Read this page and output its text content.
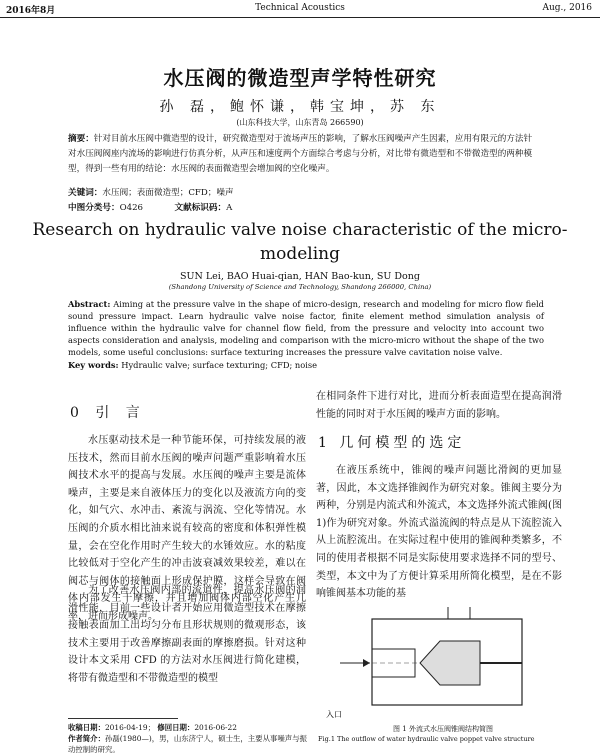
2016年8月	Technical Acoustics	Aug., 2016
水压阀的微造型声学特性研究
孙 磊，鲍怀谦，韩宝坤，苏 东
(山东科技大学，山东青岛 266590)
摘要：针对目前水压阀中微造型的设计，研究微造型对于流场声压的影响，了解水压阀噪声产生因素，应用有限元的方法针对水压阀阀座内流场的影响进行仿真分析，从声压和速度两个方面综合考虑与分析，对比带有微造型和不带微造型的两种模型，得到一些有用的结论：水压阀的表面微造型会增加阀的空化噪声。
关键词：水压阀；表面微造型；CFD；噪声
中图分类号：O426	文献标识码：A
Research on hydraulic valve noise characteristic of the micro-modeling
SUN Lei, BAO Huai-qian, HAN Bao-kun, SU Dong
(Shandong University of Science and Technology, Shandong 266000, China)
Abstract: Aiming at the pressure valve in the shape of micro-design, research and modeling for micro flow field sound pressure impact. Learn hydraulic valve noise factor, finite element method simulation analysis of influence within the hydraulic valve for channel flow field, from the pressure and velocity into account two aspects consideration and analysis, modeling and comparison with the micro-micro without the shape of the two models, some useful conclusions: surface texturing increases the pressure valve cavitation noise valve.
Key words: Hydraulic valve; surface texturing; CFD; noise
0 引 言
水压驱动技术是一种节能环保，可持续发展的液压技术，然而目前水压阀的噪声问题严重影响着水压阀技术水平的提高与发展。水压阀的噪声主要是流体噪声，主要是来自液体压力的变化以及液流方向的变化，如气穴、水冲击、紊流与涡流、空化等情况。水压阀的介质水相比油来说有较高的密度和体积弹性模量，会在空化作用时产生较大的水锤效应。水的粘度比较低对于空化产生的冲击波衰减效果较差，难以在阀芯与阀体的接触面上形成保护膜，这样会导致在阀体内部发生干摩擦，并且增加阀体内部空化产生几率，进而形成噪声。
为了改善水压阀内部的流道性，提高水压阀的润滑性能，目前一些设计者开始应用微造型技术在摩擦接触表面加工出均匀分布且形状规则的微观形态，该技术主要用于改善摩擦副表面的摩擦磨损。针对这种设计本文采用 CFD 的方法对水压阀进行简化建模，将带有微造型和不带微造型的模型
在相同条件下进行对比，进而分析表面造型在提高润滑性能的同时对于水压阀的噪声方面的影响。
1 几何模型的选定
在液压系统中，锥阀的噪声问题比滑阀的更加显著，因此，本文选择锥阀作为研究对象。锥阀主要分为两种，分别是内流式和外流式，本文选择外流式锥阀(图 1)作为研究对象。外流式溢流阀的特点是从下流腔流入从上流腔流出。在实际过程中使用的锥阀种类繁多，不同的使用者根据不同是实际使用要求选择不同的型号、类型，本文中为了方便计算采用所简化模型，是在不影响锥阀基本功能的基
入口
图 1 外流式水压阀锥阀结构简图
Fig.1 The outflow of water hydraulic valve poppet valve structure
收稿日期：2016-04-19； 修回日期：2016-06-22
作者简介：孙磊(1980—)，男，山东济宁人，硕士生，主要从事噪声与振动控制的研究。
